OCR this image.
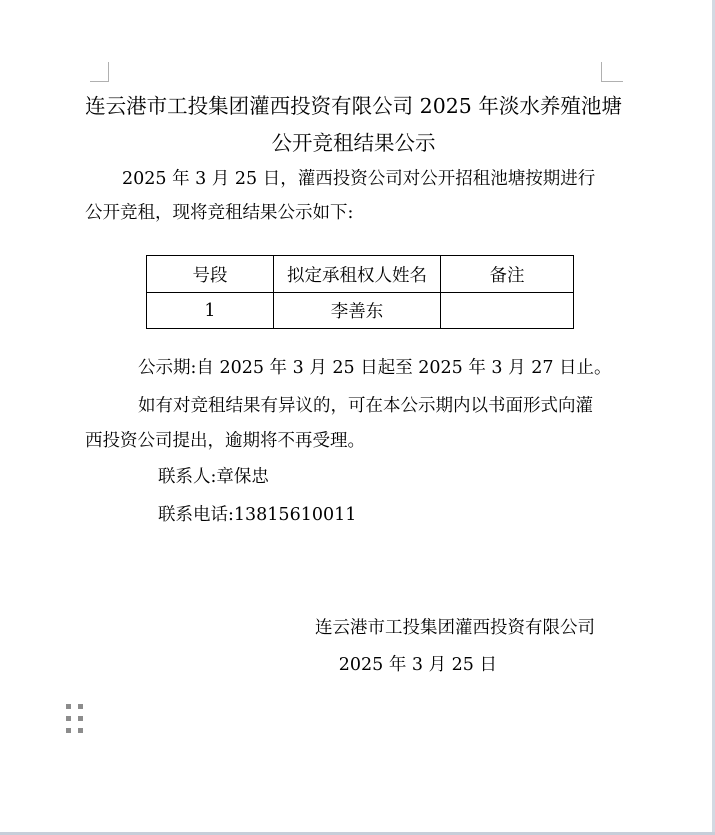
连云港市工投集团灌西投资有限公司 2025 年淡水养殖池塘
公开竞租结果公示
2025 年 3 月 25 日，灌西投资公司对公开招租池塘按期进行
公开竞租，现将竞租结果公示如下:
号段	拟定承租权人姓名	备注
1	李善东	
公示期:自 2025 年 3 月 25 日起至 2025 年 3 月 27 日止。
如有对竞租结果有异议的，可在本公示期内以书面形式向灌
西投资公司提出，逾期将不再受理。
联系人:章保忠
联系电话:13815610011
连云港市工投集团灌西投资有限公司
2025 年 3 月 25 日
